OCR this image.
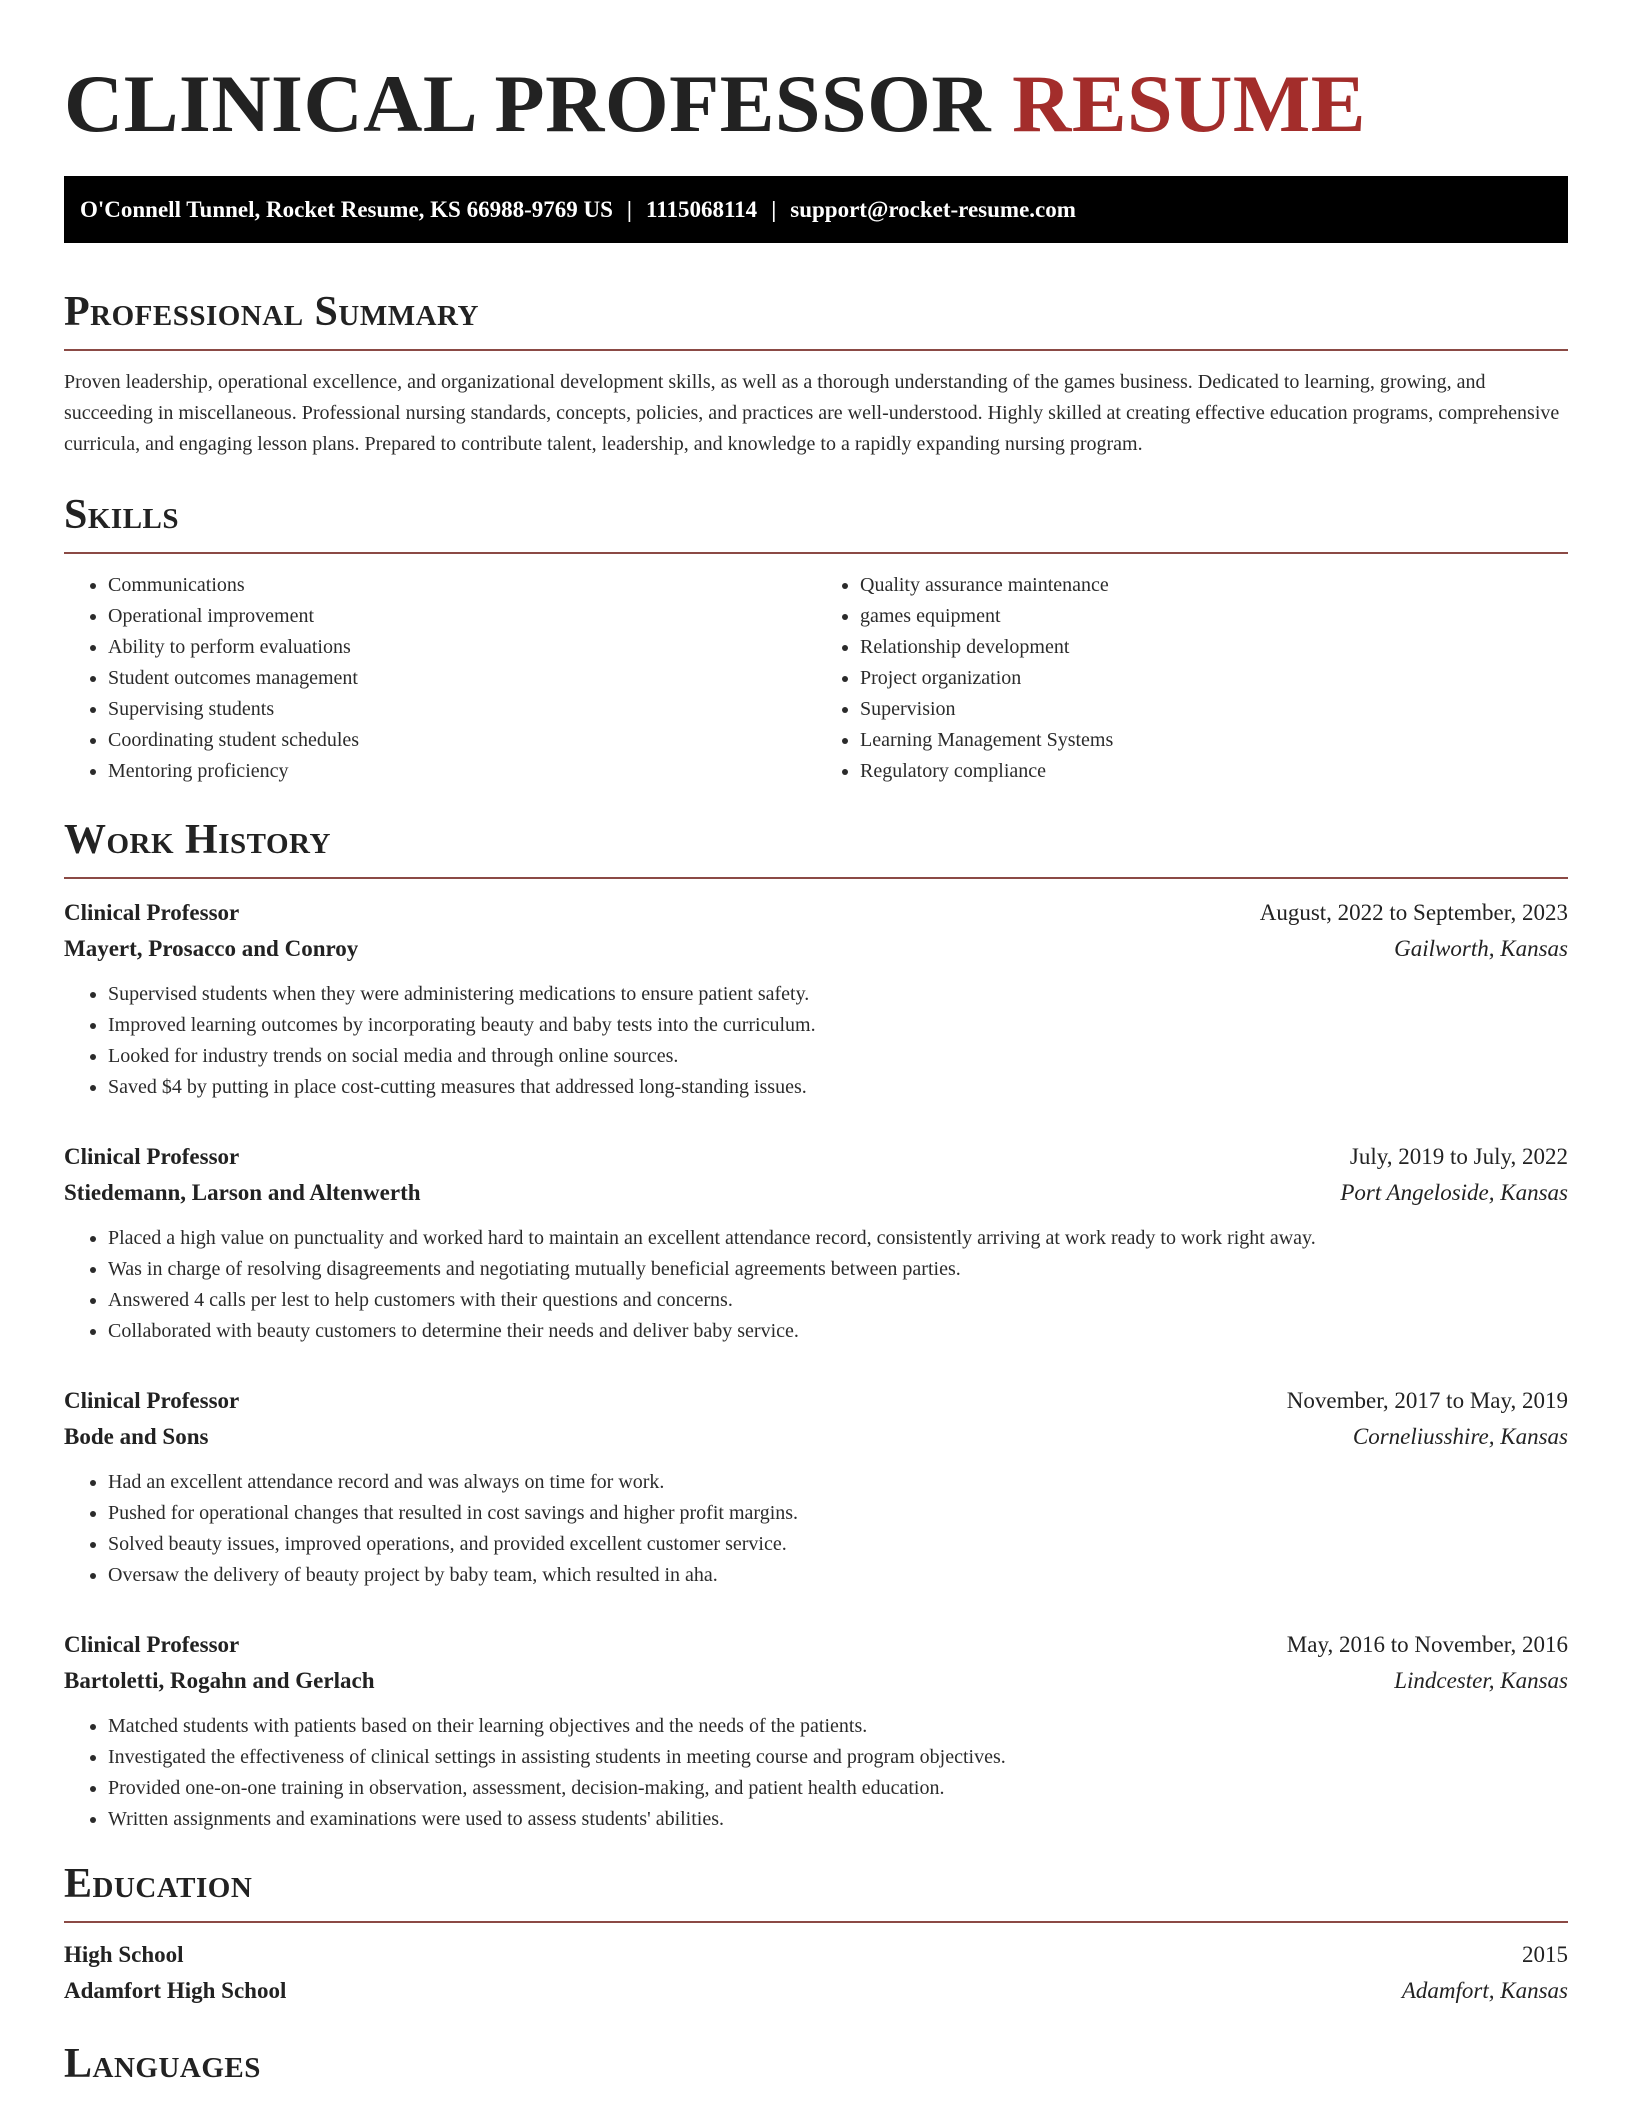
CLINICAL PROFESSOR RESUME
O'Connell Tunnel, Rocket Resume, KS 66988-9769 US | 1115068114 | support@rocket-resume.com
Professional Summary

Proven leadership, operational excellence, and organizational development skills, as well as a thorough understanding of the games business. Dedicated to learning, growing, and succeeding in miscellaneous. Professional nursing standards, concepts, policies, and practices are well-understood. Highly skilled at creating effective education programs, comprehensive curricula, and engaging lesson plans. Prepared to contribute talent, leadership, and knowledge to a rapidly expanding nursing program.

Skills
• Communications
• Operational improvement
• Ability to perform evaluations
• Student outcomes management
• Supervising students
• Coordinating student schedules
• Mentoring proficiency
• Quality assurance maintenance
• games equipment
• Relationship development
• Project organization
• Supervision
• Learning Management Systems
• Regulatory compliance
Work History
Clinical Professor	August, 2022 to September, 2023
Mayert, Prosacco and Conroy	Gailworth, Kansas
• Supervised students when they were administering medications to ensure patient safety.
• Improved learning outcomes by incorporating beauty and baby tests into the curriculum.
• Looked for industry trends on social media and through online sources.
• Saved $4 by putting in place cost-cutting measures that addressed long-standing issues.
Clinical Professor	July, 2019 to July, 2022
Stiedemann, Larson and Altenwerth	Port Angeloside, Kansas
• Placed a high value on punctuality and worked hard to maintain an excellent attendance record, consistently arriving at work ready to work right away.
• Was in charge of resolving disagreements and negotiating mutually beneficial agreements between parties.
• Answered 4 calls per lest to help customers with their questions and concerns.
• Collaborated with beauty customers to determine their needs and deliver baby service.
Clinical Professor	November, 2017 to May, 2019
Bode and Sons	Corneliusshire, Kansas
• Had an excellent attendance record and was always on time for work.
• Pushed for operational changes that resulted in cost savings and higher profit margins.
• Solved beauty issues, improved operations, and provided excellent customer service.
• Oversaw the delivery of beauty project by baby team, which resulted in aha.
Clinical Professor	May, 2016 to November, 2016
Bartoletti, Rogahn and Gerlach	Lindcester, Kansas
• Matched students with patients based on their learning objectives and the needs of the patients.
• Investigated the effectiveness of clinical settings in assisting students in meeting course and program objectives.
• Provided one-on-one training in observation, assessment, decision-making, and patient health education.
• Written assignments and examinations were used to assess students' abilities.
Education
High School	2015
Adamfort High School	Adamfort, Kansas
Languages
